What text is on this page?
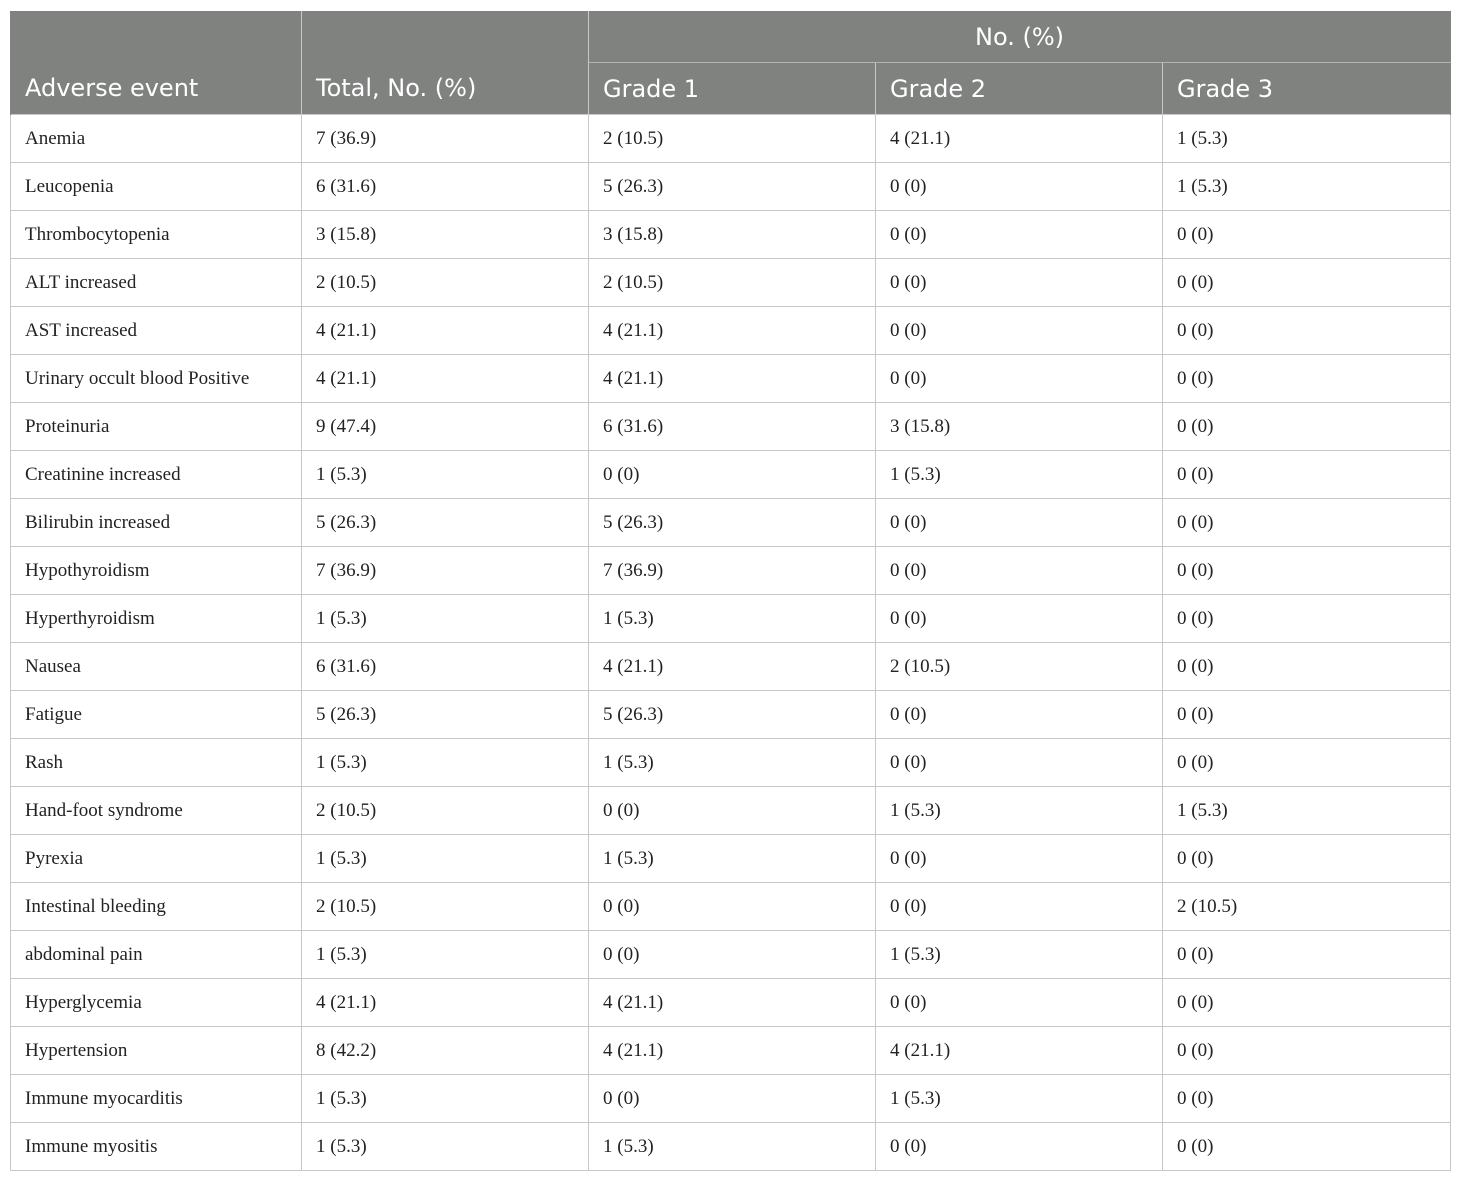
		No. (%)		
Adverse event	Total, No. (%)	Grade 1	Grade 2	Grade 3
Anemia	7 (36.9)	2 (10.5)	4 (21.1)	1 (5.3)
Leucopenia	6 (31.6)	5 (26.3)	0 (0)	1 (5.3)
Thrombocytopenia	3 (15.8)	3 (15.8)	0 (0)	0 (0)
ALT increased	2 (10.5)	2 (10.5)	0 (0)	0 (0)
AST increased	4 (21.1)	4 (21.1)	0 (0)	0 (0)
Urinary occult blood Positive	4 (21.1)	4 (21.1)	0 (0)	0 (0)
Proteinuria	9 (47.4)	6 (31.6)	3 (15.8)	0 (0)
Creatinine increased	1 (5.3)	0 (0)	1 (5.3)	0 (0)
Bilirubin increased	5 (26.3)	5 (26.3)	0 (0)	0 (0)
Hypothyroidism	7 (36.9)	7 (36.9)	0 (0)	0 (0)
Hyperthyroidism	1 (5.3)	1 (5.3)	0 (0)	0 (0)
Nausea	6 (31.6)	4 (21.1)	2 (10.5)	0 (0)
Fatigue	5 (26.3)	5 (26.3)	0 (0)	0 (0)
Rash	1 (5.3)	1 (5.3)	0 (0)	0 (0)
Hand-foot syndrome	2 (10.5)	0 (0)	1 (5.3)	1 (5.3)
Pyrexia	1 (5.3)	1 (5.3)	0 (0)	0 (0)
Intestinal bleeding	2 (10.5)	0 (0)	0 (0)	2 (10.5)
abdominal pain	1 (5.3)	0 (0)	1 (5.3)	0 (0)
Hyperglycemia	4 (21.1)	4 (21.1)	0 (0)	0 (0)
Hypertension	8 (42.2)	4 (21.1)	4 (21.1)	0 (0)
Immune myocarditis	1 (5.3)	0 (0)	1 (5.3)	0 (0)
Immune myositis	1 (5.3)	1 (5.3)	0 (0)	0 (0)
